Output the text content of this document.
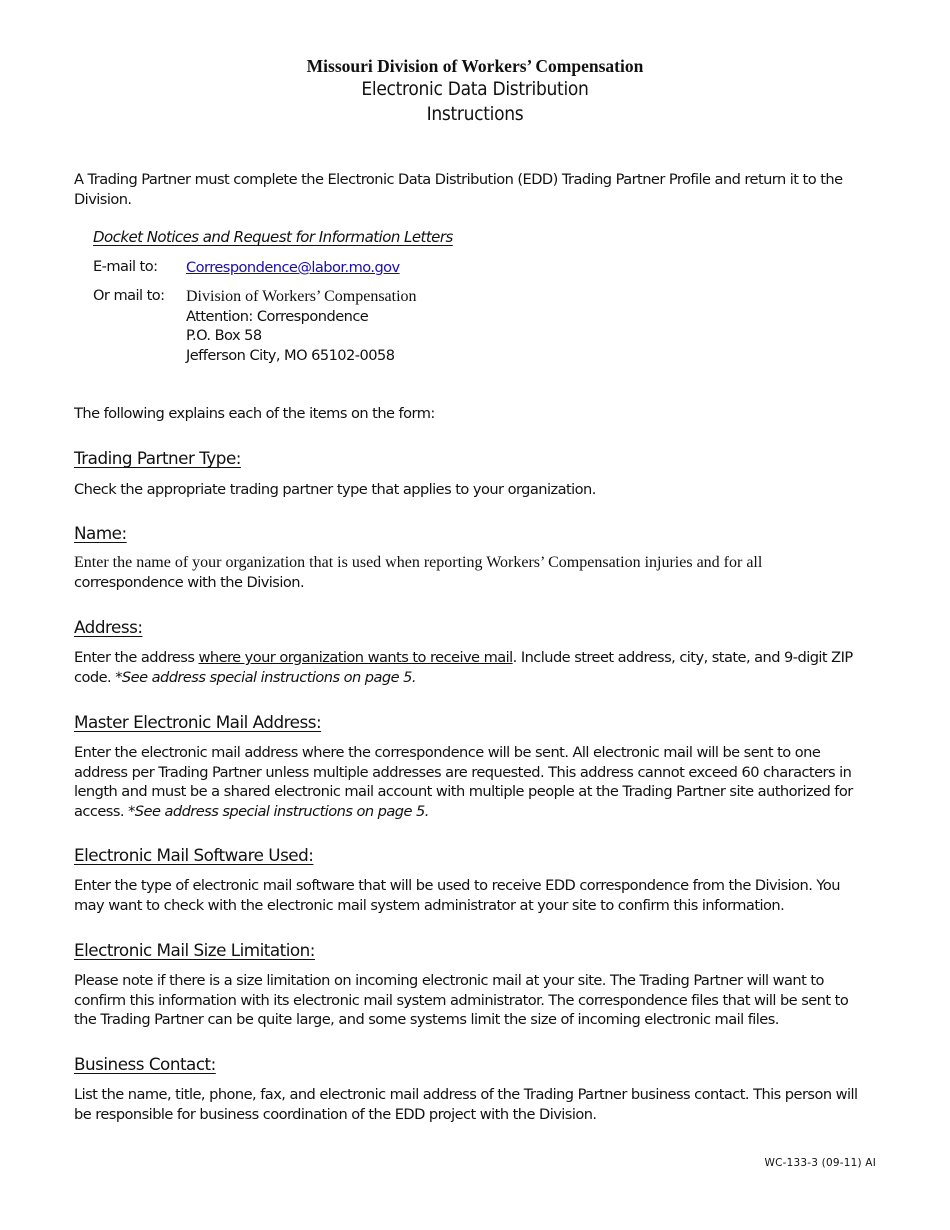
Missouri Division of Workers’ Compensation
Electronic Data Distribution
Instructions
A Trading Partner must complete the Electronic Data Distribution (EDD) Trading Partner Profile and return it to the Division.
Docket Notices and Request for Information Letters
E-mail to: Correspondence@labor.mo.gov
Or mail to: Division of Workers’ Compensation
Attention: Correspondence
P.O. Box 58
Jefferson City, MO 65102-0058
The following explains each of the items on the form:
Trading Partner Type:
Check the appropriate trading partner type that applies to your organization.
Name:
Enter the name of your organization that is used when reporting Workers’ Compensation injuries and for all
correspondence with the Division.
Address:
Enter the address where your organization wants to receive mail. Include street address, city, state, and 9-digit ZIP code. *See address special instructions on page 5.
Master Electronic Mail Address:
Enter the electronic mail address where the correspondence will be sent. All electronic mail will be sent to one address per Trading Partner unless multiple addresses are requested. This address cannot exceed 60 characters in length and must be a shared electronic mail account with multiple people at the Trading Partner site authorized for access. *See address special instructions on page 5.
Electronic Mail Software Used:
Enter the type of electronic mail software that will be used to receive EDD correspondence from the Division. You may want to check with the electronic mail system administrator at your site to confirm this information.
Electronic Mail Size Limitation:
Please note if there is a size limitation on incoming electronic mail at your site. The Trading Partner will want to confirm this information with its electronic mail system administrator. The correspondence files that will be sent to the Trading Partner can be quite large, and some systems limit the size of incoming electronic mail files.
Business Contact:
List the name, title, phone, fax, and electronic mail address of the Trading Partner business contact. This person will be responsible for business coordination of the EDD project with the Division.
WC-133-3 (09-11) AI
